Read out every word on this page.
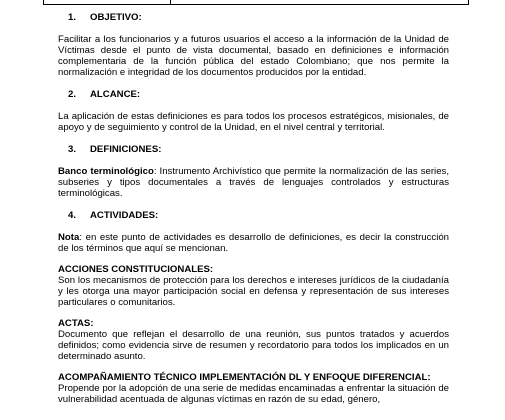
1. OBJETIVO:

Facilitar a los funcionarios y a futuros usuarios el acceso a la información de la Unidad de Víctimas desde el punto de vista documental, basado en definiciones e información complementaria de la función pública del estado Colombiano; que nos permite la normalización e integridad de los documentos producidos por la entidad.

2. ALCANCE:

La aplicación de estas definiciones es para todos los procesos estratégicos, misionales, de apoyo y de seguimiento y control de la Unidad, en el nivel central y territorial.

3. DEFINICIONES:

Banco terminológico: Instrumento Archivístico que permite la normalización de las series, subseries y tipos documentales a través de lenguajes controlados y estructuras terminológicas.

4. ACTIVIDADES:

Nota: en este punto de actividades es desarrollo de definiciones, es decir la construcción de los términos que aquí se mencionan.

ACCIONES CONSTITUCIONALES:

Son los mecanismos de protección para los derechos e intereses jurídicos de la ciudadanía y les otorga una mayor participación social en defensa y representación de sus intereses particulares o comunitarios.

ACTAS:

Documento que reflejan el desarrollo de una reunión, sus puntos tratados y acuerdos definidos; como evidencia sirve de resumen y recordatorio para todos los implicados en un determinado asunto.

ACOMPAÑAMIENTO TÉCNICO IMPLEMENTACIÓN DL Y ENFOQUE DIFERENCIAL:

Propende por la adopción de una serie de medidas encaminadas a enfrentar la situación de vulnerabilidad acentuada de algunas víctimas en razón de su edad, género,
